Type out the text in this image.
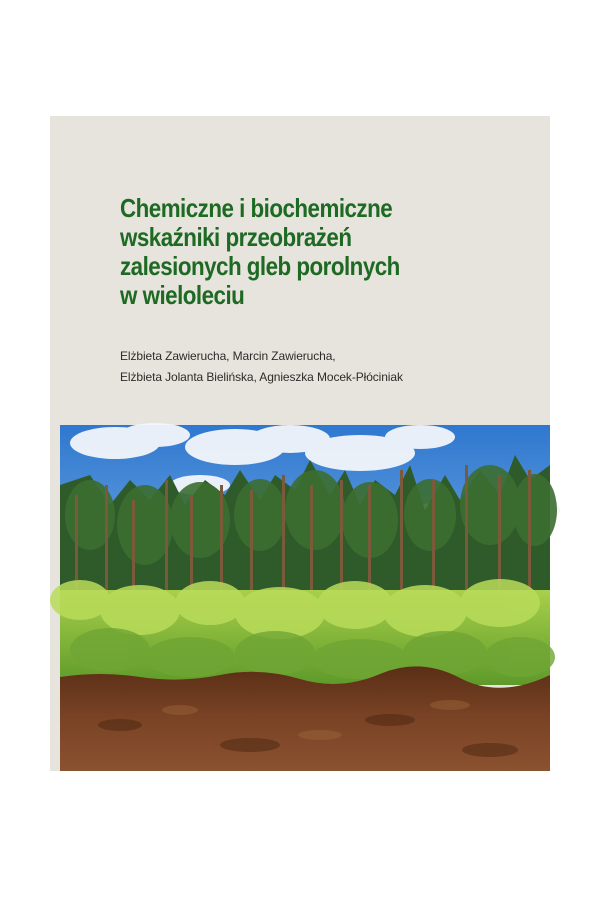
Chemiczne i biochemiczne
wskaźniki przeobrażeń
zalesionych gleb porolnych
w wieloleciu
Elżbieta Zawierucha, Marcin Zawierucha,
Elżbieta Jolanta Bielińska, Agnieszka Mocek-Płóciniak
Wydawnictwo Uniwersytetu Przyrodniczego w Poznaniu
